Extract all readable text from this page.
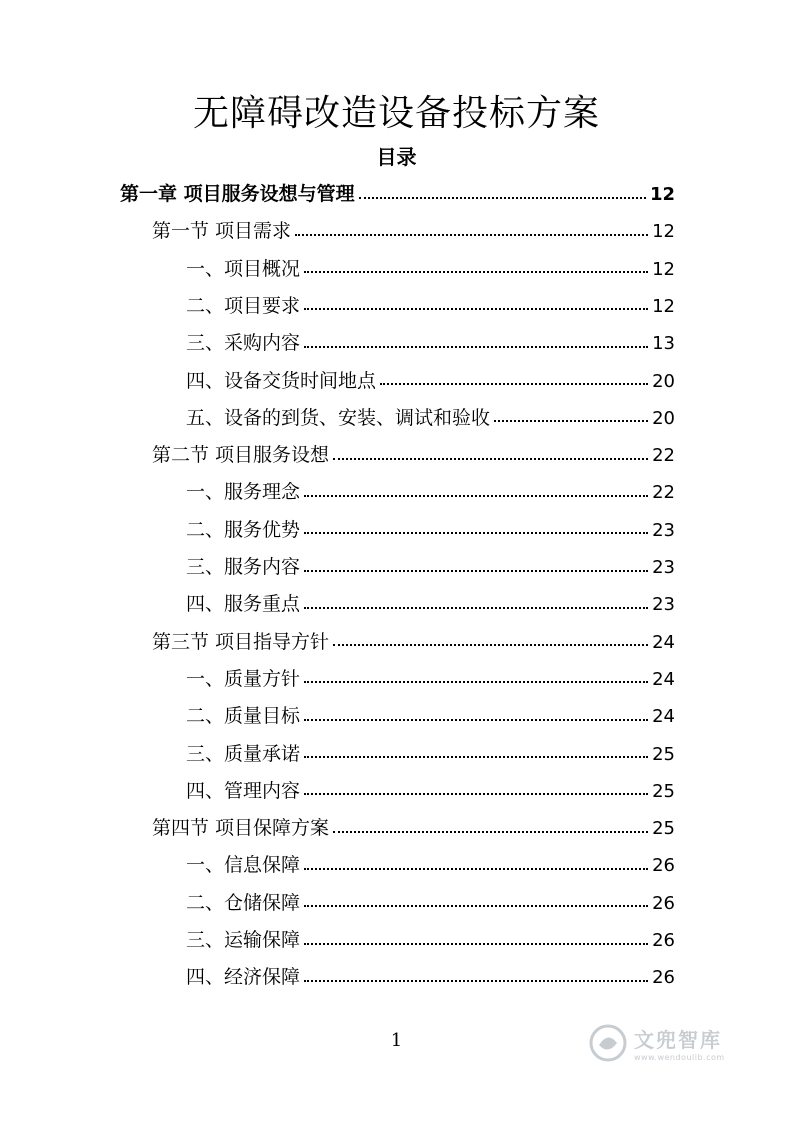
无障碍改造设备投标方案
目录
第一章 项目服务设想与管理	12
第一节 项目需求	12
一、项目概况	12
二、项目要求	12
三、采购内容	13
四、设备交货时间地点	20
五、设备的到货、安装、调试和验收	20
第二节 项目服务设想	22
一、服务理念	22
二、服务优势	23
三、服务内容	23
四、服务重点	23
第三节 项目指导方针	24
一、质量方针	24
二、质量目标	24
三、质量承诺	25
四、管理内容	25
第四节 项目保障方案	25
一、信息保障	26
二、仓储保障	26
三、运输保障	26
四、经济保障	26
1	文兜智库
www.wendoulib.com
